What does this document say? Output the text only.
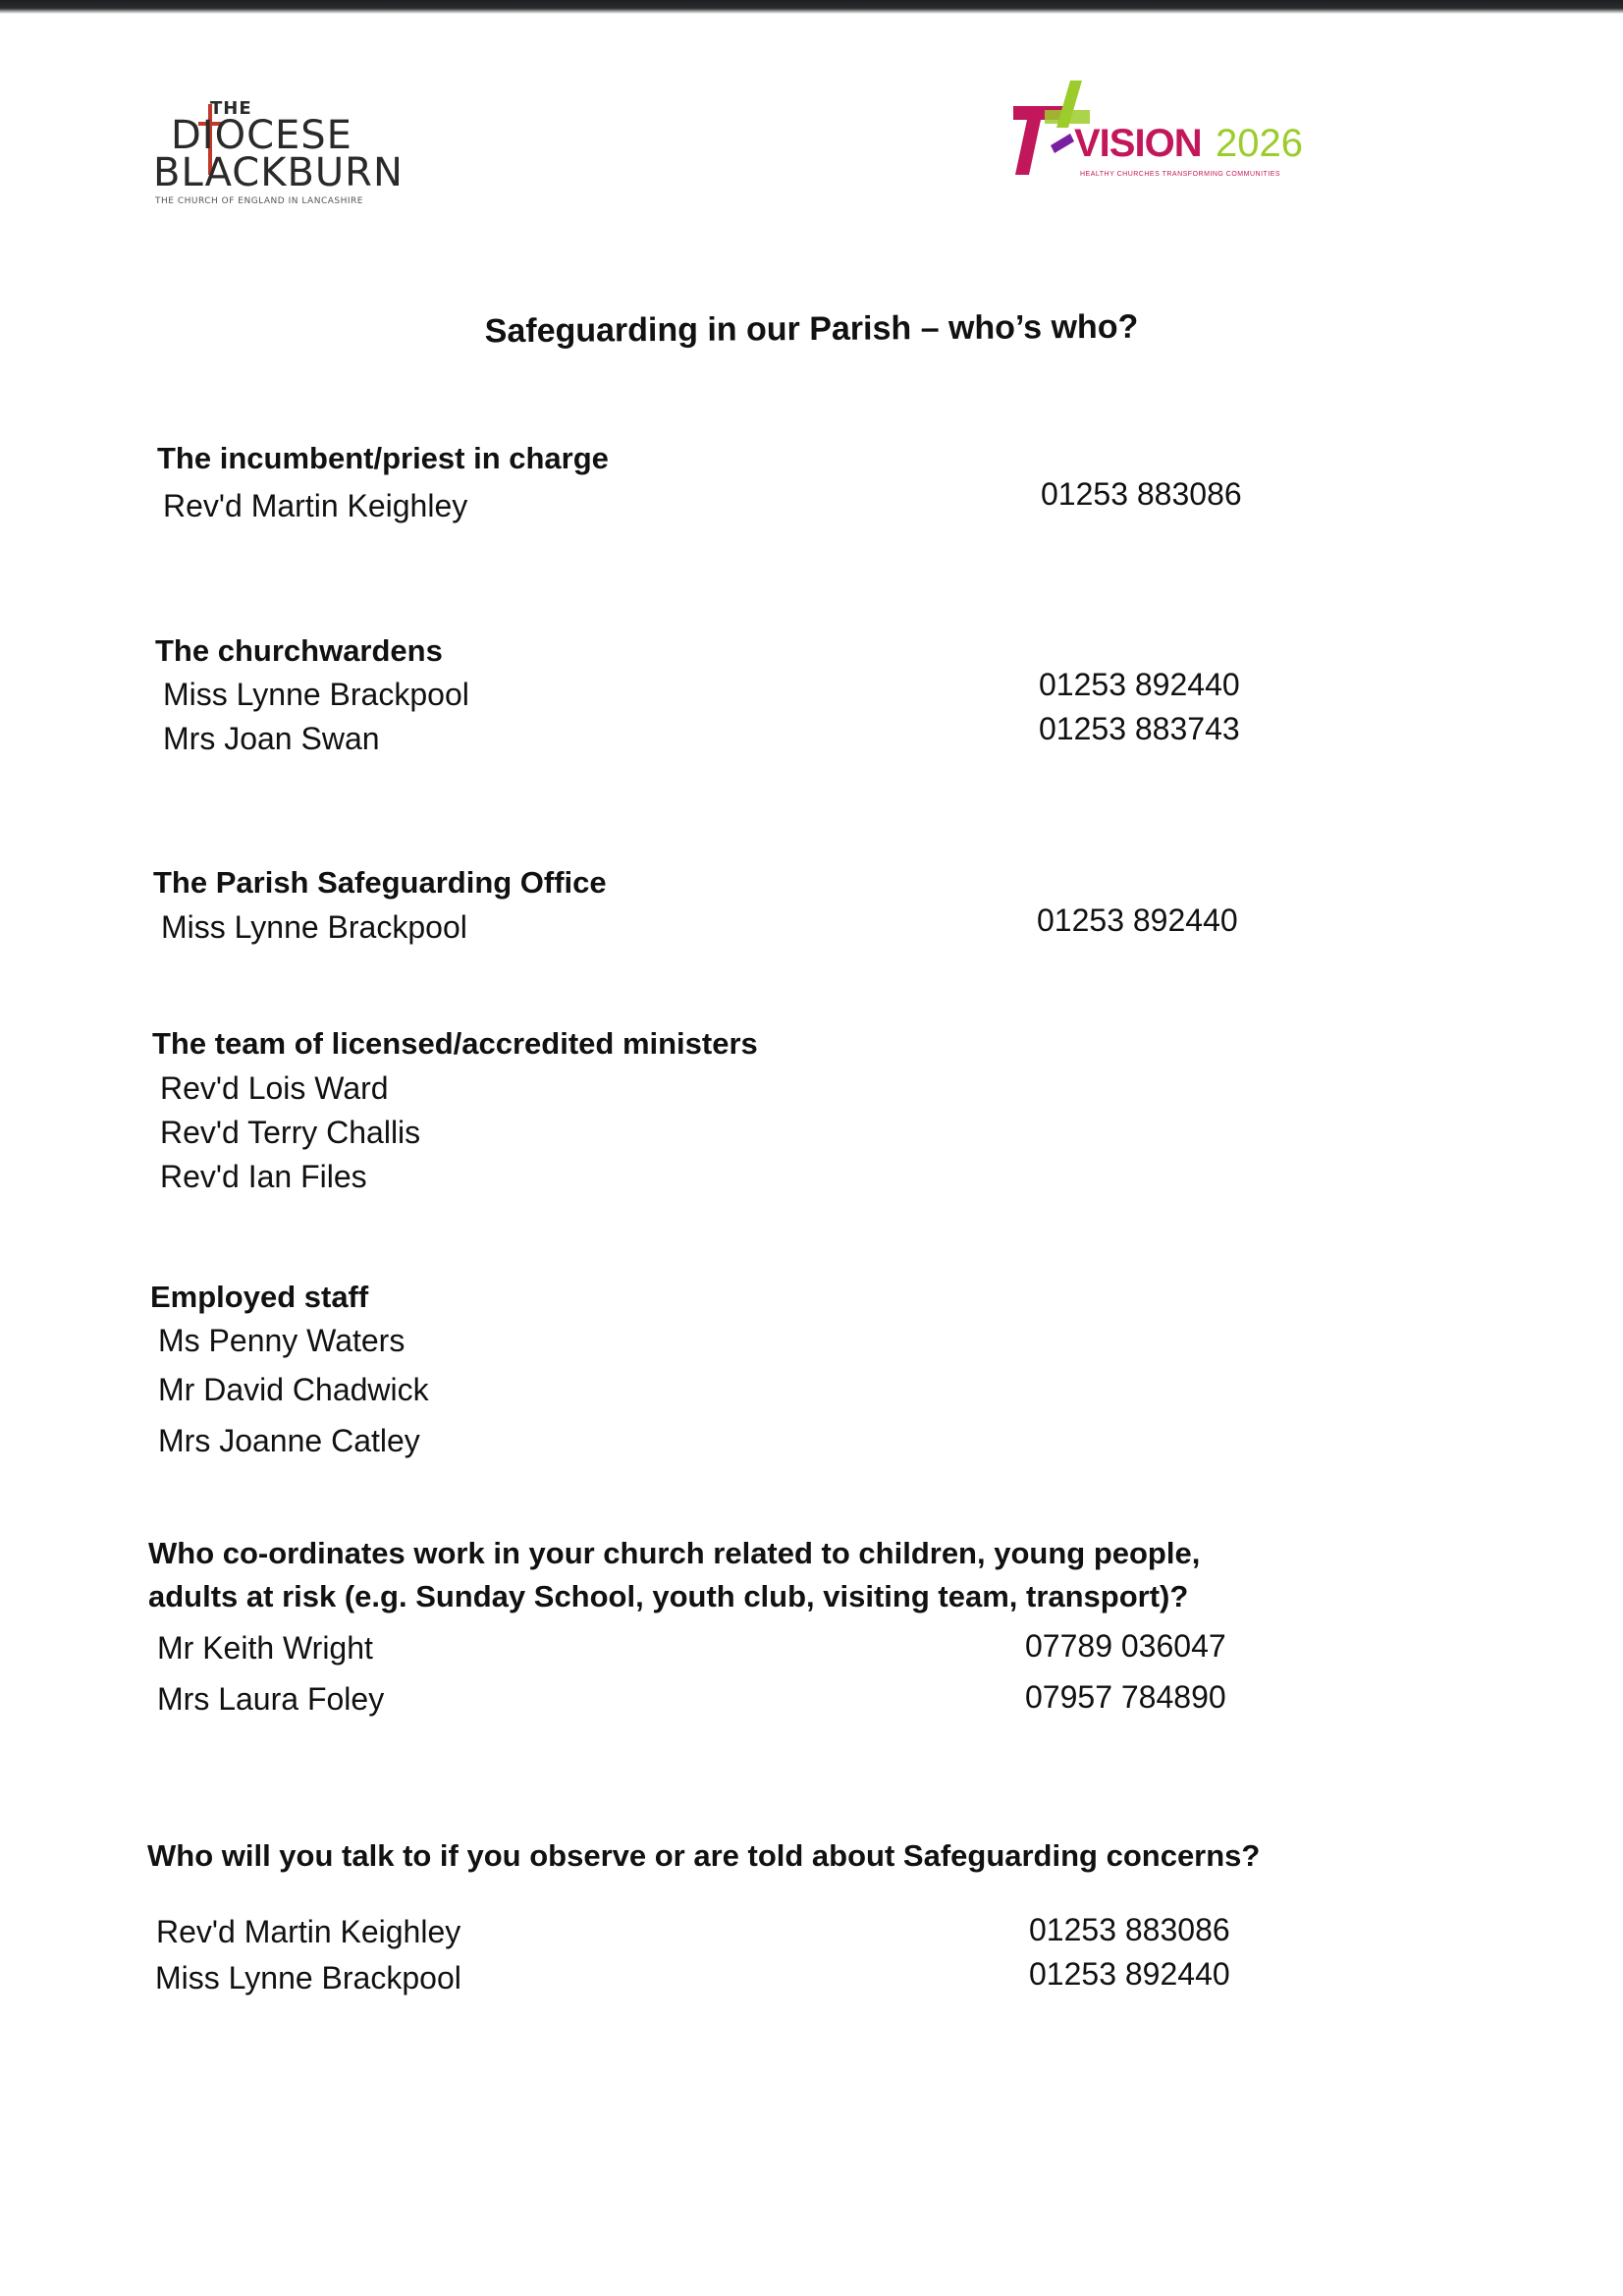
THE
DIOCESE
BLACKBURN
THE CHURCH OF ENGLAND IN LANCASHIRE
VISION 2026
HEALTHY CHURCHES TRANSFORMING COMMUNITIES
Safeguarding in our Parish – who’s who?
The incumbent/priest in charge
Rev'd Martin Keighley	01253 883086
The churchwardens
Miss Lynne Brackpool	01253 892440
Mrs Joan Swan	01253 883743
The Parish Safeguarding Office
Miss Lynne Brackpool	01253 892440
The team of licensed/accredited ministers
Rev'd Lois Ward
Rev'd Terry Challis
Rev'd Ian Files
Employed staff
Ms Penny Waters
Mr David Chadwick
Mrs Joanne Catley
Who co-ordinates work in your church related to children, young people,
adults at risk (e.g. Sunday School, youth club, visiting team, transport)?
Mr Keith Wright	07789 036047
Mrs Laura Foley	07957 784890
Who will you talk to if you observe or are told about Safeguarding concerns?
Rev'd Martin Keighley	01253 883086
Miss Lynne Brackpool	01253 892440
